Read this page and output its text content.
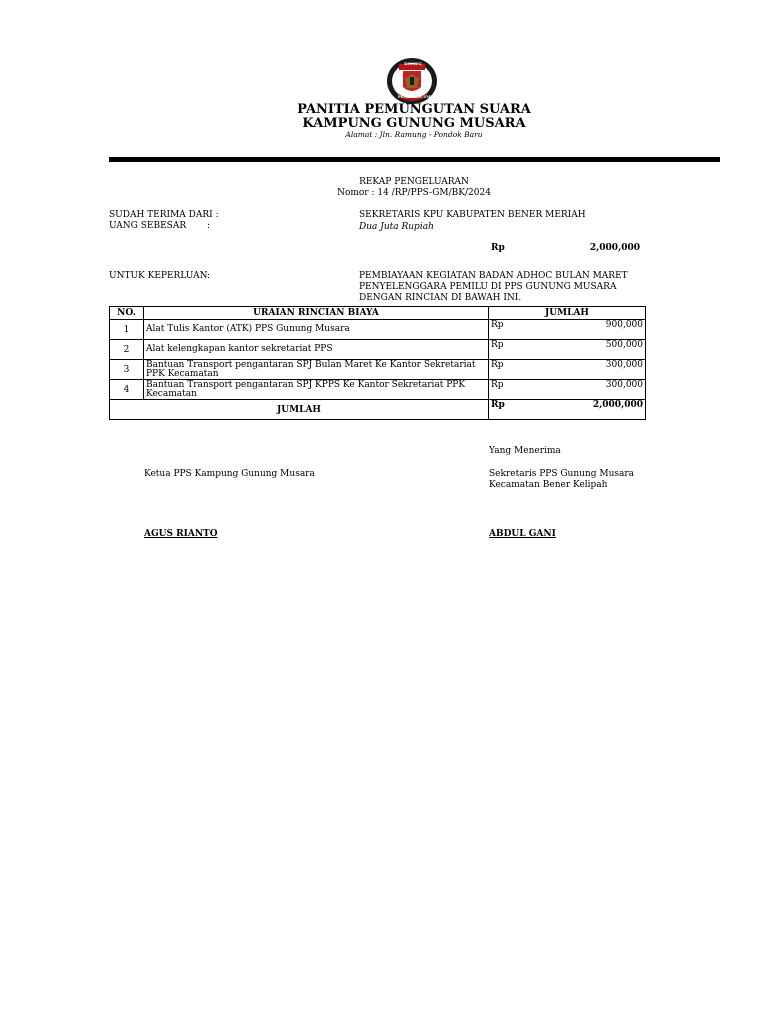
KOMISI
PEMILIHAN UMUM
PANITIA PEMUNGUTAN SUARA
KAMPUNG GUNUNG MUSARA
Alamat : Jln. Ramung - Pondok Baru
REKAP PENGELUARAN
Nomor : 14 /RP/PPS-GM/BK/2024
SUDAH TERIMA DARI :	SEKRETARIS KPU KABUPATEN BENER MERIAH
UANG SEBESAR :	Dua Juta Rupiah
Rp	2,000,000
UNTUK KEPERLUAN :	PEMBIAYAAN KEGIATAN BADAN ADHOC BULAN MARET
PENYELENGGARA PEMILU DI PPS GUNUNG MUSARA
DENGAN RINCIAN DI BAWAH INI.
NO.	URAIAN RINCIAN BIAYA	JUMLAH
1	Alat Tulis Kantor (ATK) PPS Gunung Musara	Rp 900,000

2	Alat kelengkapan kantor sekretariat PPS	Rp 500,000

3	Bantuan Transport pengantaran SPJ Bulan Maret Ke Kantor Sekretariat PPK Kecamatan	Rp 300,000

4	Bantuan Transport pengantaran SPJ KPPS Ke Kantor Sekretariat PPK Kecamatan	Rp 300,000

JUMLAH		Rp 2,000,000
Yang Menerima
Ketua PPS Kampung Gunung Musara	Sekretaris PPS Gunung Musara
Kecamatan Bener Kelipah
AGUS RIANTO	ABDUL GANI
